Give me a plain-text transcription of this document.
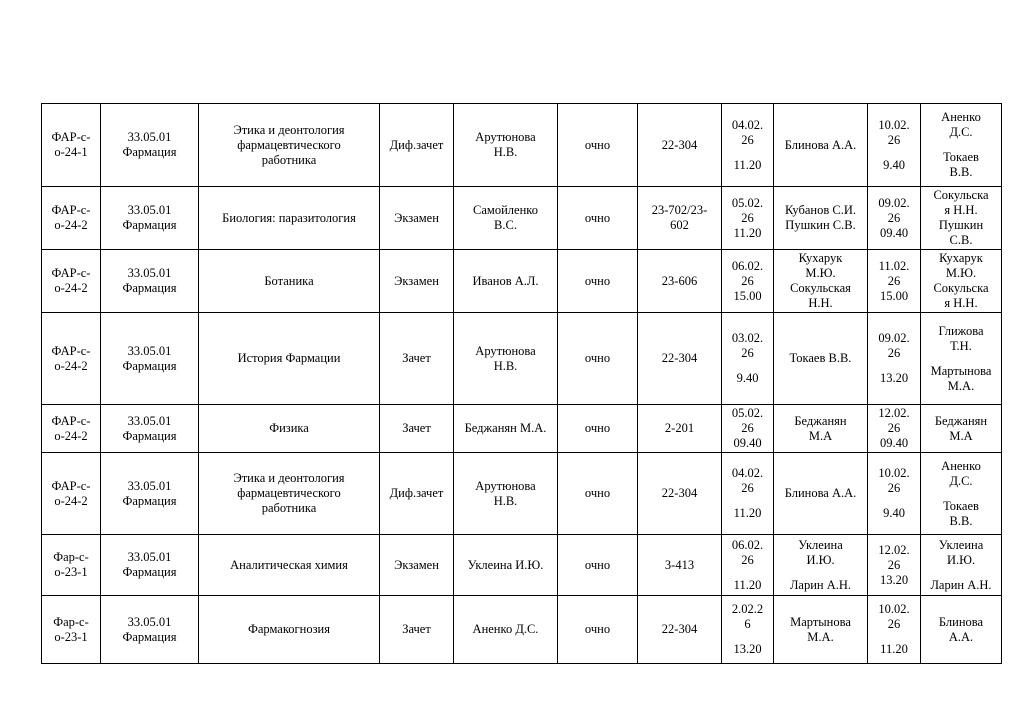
ФАР-с-
о-24-1	33.05.01
Фармация	Этика и деонтология
фармацевтического
работника	Диф.зачет	Арутюнова
Н.В.	очно	22-304	04.02.
26
11.20	Блинова А.А.	10.02.
26
9.40	Аненко
Д.С.
Токаев
В.В.

ФАР-с-
о-24-2	33.05.01
Фармация	Биология: паразитология	Экзамен	Самойленко
В.С.	очно	23-702/23-
602	05.02.
26
11.20	Кубанов С.И.
Пушкин С.В.	09.02.
26
09.40	Сокульска
я Н.Н.
Пушкин
С.В.

ФАР-с-
о-24-2	33.05.01
Фармация	Ботаника	Экзамен	Иванов А.Л.	очно	23-606	06.02.
26
15.00	Кухарук
М.Ю.
Сокульская
Н.Н.	11.02.
26
15.00	Кухарук
М.Ю.
Сокульска
я Н.Н.

ФАР-с-
о-24-2	33.05.01
Фармация	История Фармации	Зачет	Арутюнова
Н.В.	очно	22-304	03.02.
26
9.40	Токаев В.В.	09.02.
26
13.20	Глижова
Т.Н.
Мартынова
М.А.

ФАР-с-
о-24-2	33.05.01
Фармация	Физика	Зачет	Беджанян М.А.	очно	2-201	05.02.
26
09.40	Беджанян
М.А	12.02.
26
09.40	Беджанян
М.А

ФАР-с-
о-24-2	33.05.01
Фармация	Этика и деонтология
фармацевтического
работника	Диф.зачет	Арутюнова
Н.В.	очно	22-304	04.02.
26
11.20	Блинова А.А.	10.02.
26
9.40	Аненко
Д.С.
Токаев
В.В.

Фар-с-
о-23-1	33.05.01
Фармация	Аналитическая химия	Экзамен	Уклеина И.Ю.	очно	3-413	06.02.
26
11.20	Уклеина
И.Ю.
Ларин А.Н.	12.02.
26
13.20	Уклеина
И.Ю.
Ларин А.Н.

Фар-с-
о-23-1	33.05.01
Фармация	Фармакогнозия	Зачет	Аненко Д.С.	очно	22-304	2.02.2
6
13.20	Мартынова
М.А.	10.02.
26
11.20	Блинова
А.А.
